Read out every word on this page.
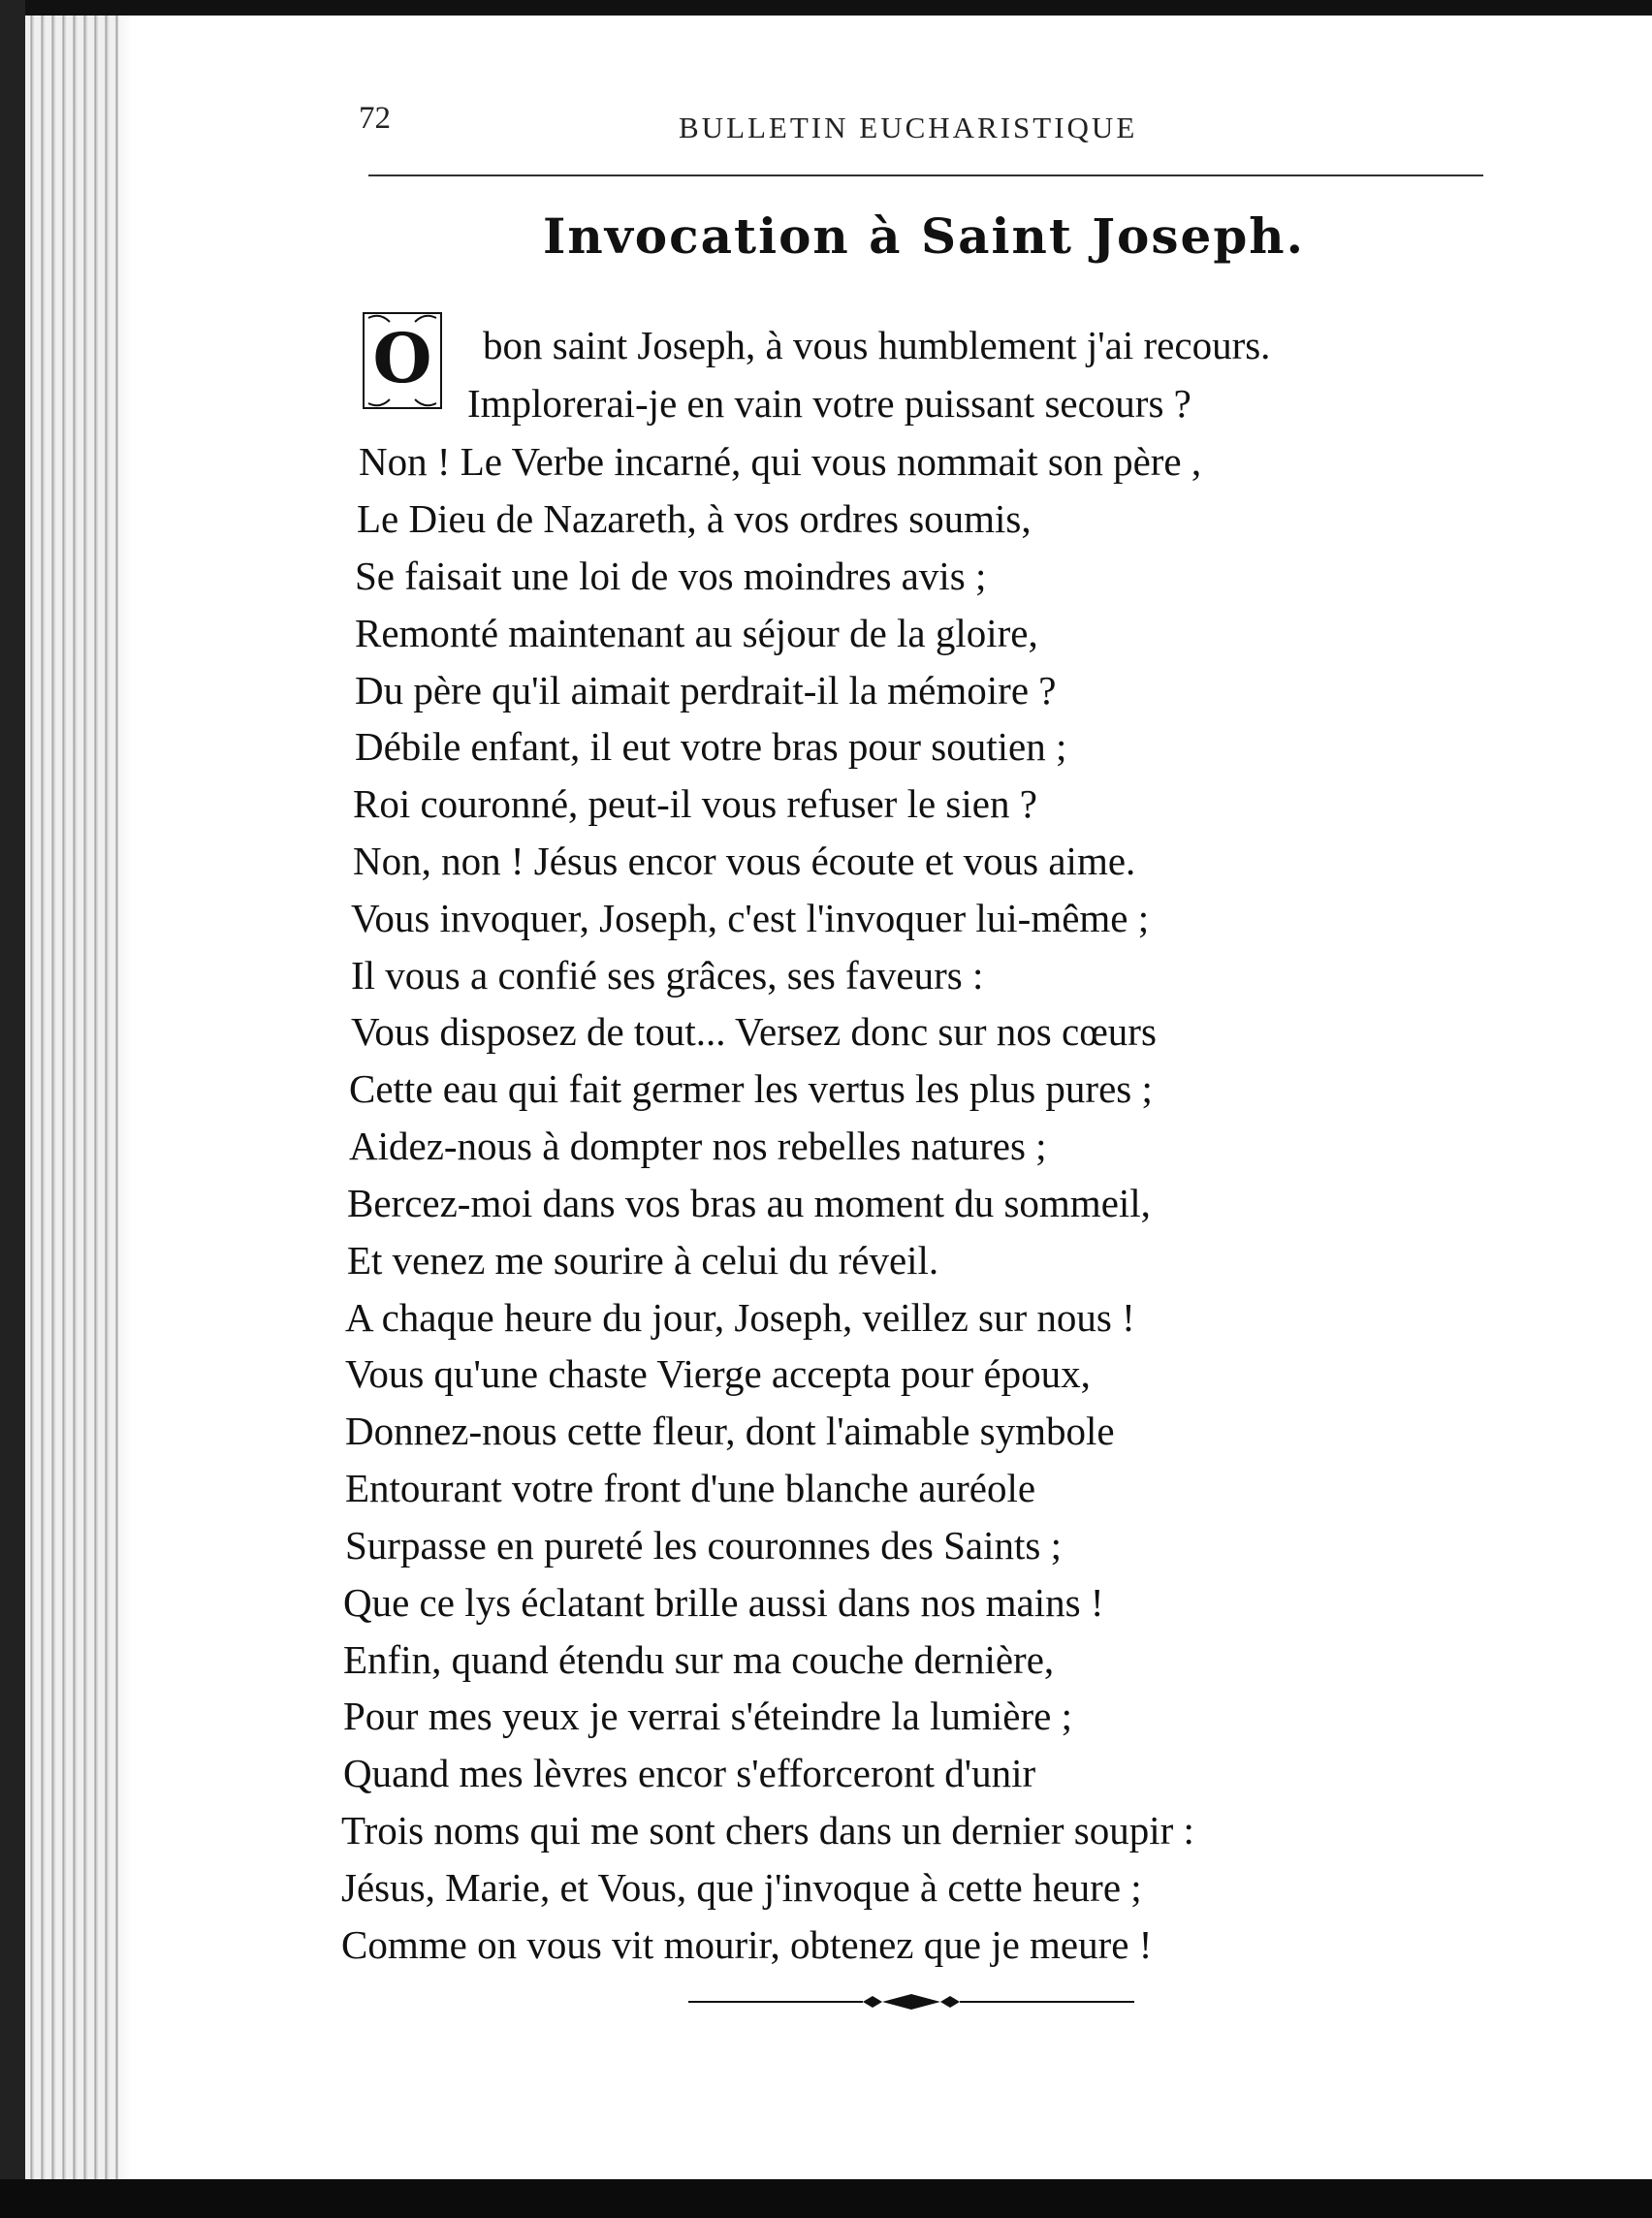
72	BULLETIN EUCHARISTIQUE
Invocation à Saint Joseph.
O bon saint Joseph, à vous humblement j'ai recours.
Implorerai-je en vain votre puissant secours ?
Non ! Le Verbe incarné, qui vous nommait son père ,
Le Dieu de Nazareth, à vos ordres soumis,
Se faisait une loi de vos moindres avis ;
Remonté maintenant au séjour de la gloire,
Du père qu'il aimait perdrait-il la mémoire ?
Débile enfant, il eut votre bras pour soutien ;
Roi couronné, peut-il vous refuser le sien ?
Non, non ! Jésus encor vous écoute et vous aime.
Vous invoquer, Joseph, c'est l'invoquer lui-même ;
Il vous a confié ses grâces, ses faveurs :
Vous disposez de tout... Versez donc sur nos cœurs
Cette eau qui fait germer les vertus les plus pures ;
Aidez-nous à dompter nos rebelles natures ;
Bercez-moi dans vos bras au moment du sommeil,
Et venez me sourire à celui du réveil.
A chaque heure du jour, Joseph, veillez sur nous !
Vous qu'une chaste Vierge accepta pour époux,
Donnez-nous cette fleur, dont l'aimable symbole
Entourant votre front d'une blanche auréole
Surpasse en pureté les couronnes des Saints ;
Que ce lys éclatant brille aussi dans nos mains !
Enfin, quand étendu sur ma couche dernière,
Pour mes yeux je verrai s'éteindre la lumière ;
Quand mes lèvres encor s'efforceront d'unir
Trois noms qui me sont chers dans un dernier soupir :
Jésus, Marie, et Vous, que j'invoque à cette heure ;
Comme on vous vit mourir, obtenez que je meure !
